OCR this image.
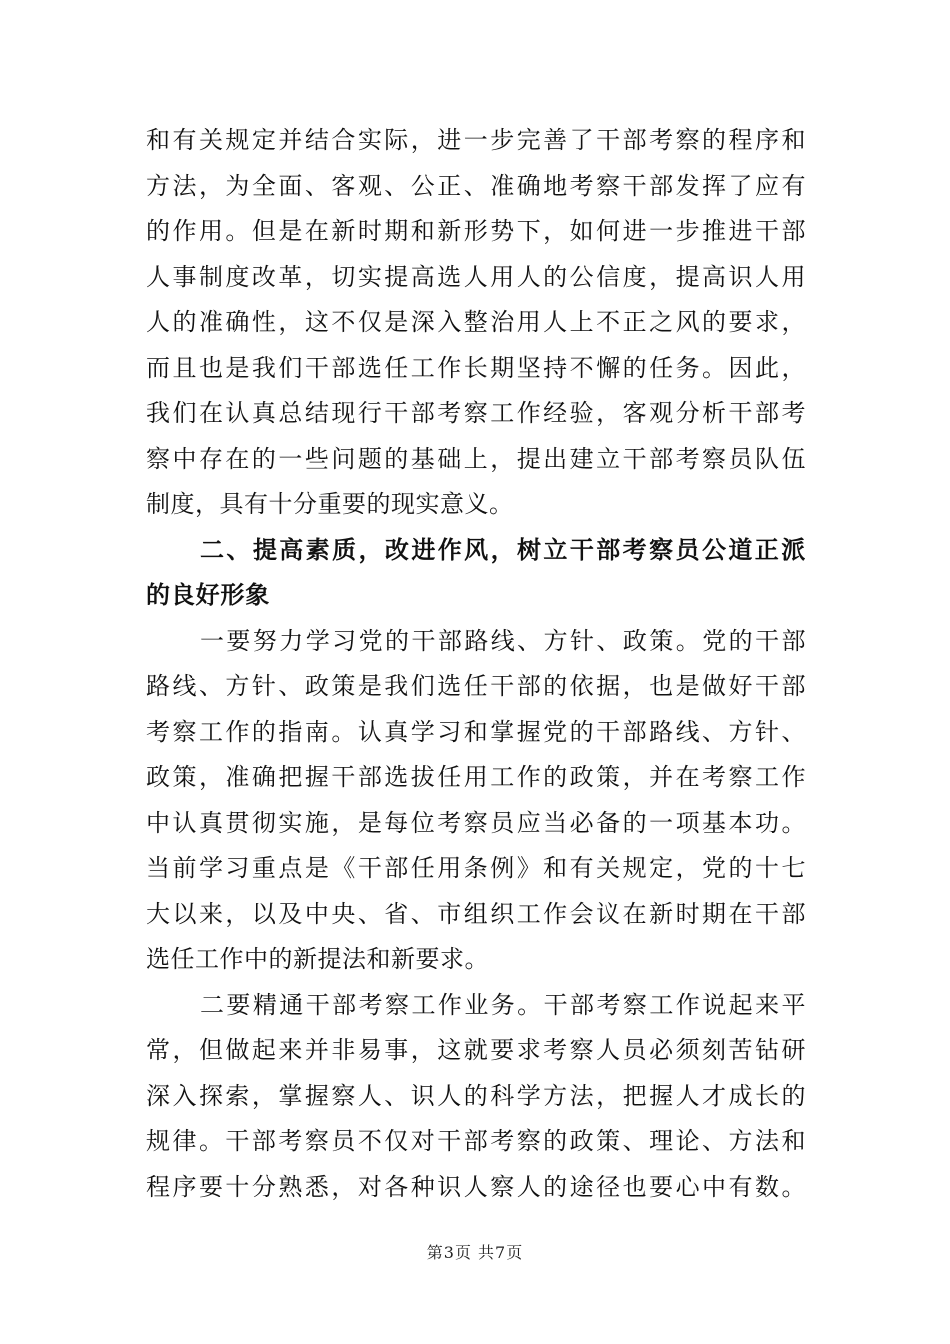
和有关规定并结合实际，进一步完善了干部考察的程序和
方法，为全面、客观、公正、准确地考察干部发挥了应有
的作用。但是在新时期和新形势下，如何进一步推进干部
人事制度改革，切实提高选人用人的公信度，提高识人用
人的准确性，这不仅是深入整治用人上不正之风的要求，
而且也是我们干部选任工作长期坚持不懈的任务。因此，
我们在认真总结现行干部考察工作经验，客观分析干部考
察中存在的一些问题的基础上，提出建立干部考察员队伍
制度，具有十分重要的现实意义。
二、提高素质，改进作风，树立干部考察员公道正派
的良好形象
一要努力学习党的干部路线、方针、政策。党的干部
路线、方针、政策是我们选任干部的依据，也是做好干部
考察工作的指南。认真学习和掌握党的干部路线、方针、
政策，准确把握干部选拔任用工作的政策，并在考察工作
中认真贯彻实施，是每位考察员应当必备的一项基本功。
当前学习重点是《干部任用条例》和有关规定，党的十七
大以来，以及中央、省、市组织工作会议在新时期在干部
选任工作中的新提法和新要求。
二要精通干部考察工作业务。干部考察工作说起来平
常，但做起来并非易事，这就要求考察人员必须刻苦钻研
深入探索，掌握察人、识人的科学方法，把握人才成长的
规律。干部考察员不仅对干部考察的政策、理论、方法和
程序要十分熟悉，对各种识人察人的途径也要心中有数。
第3页 共7页
